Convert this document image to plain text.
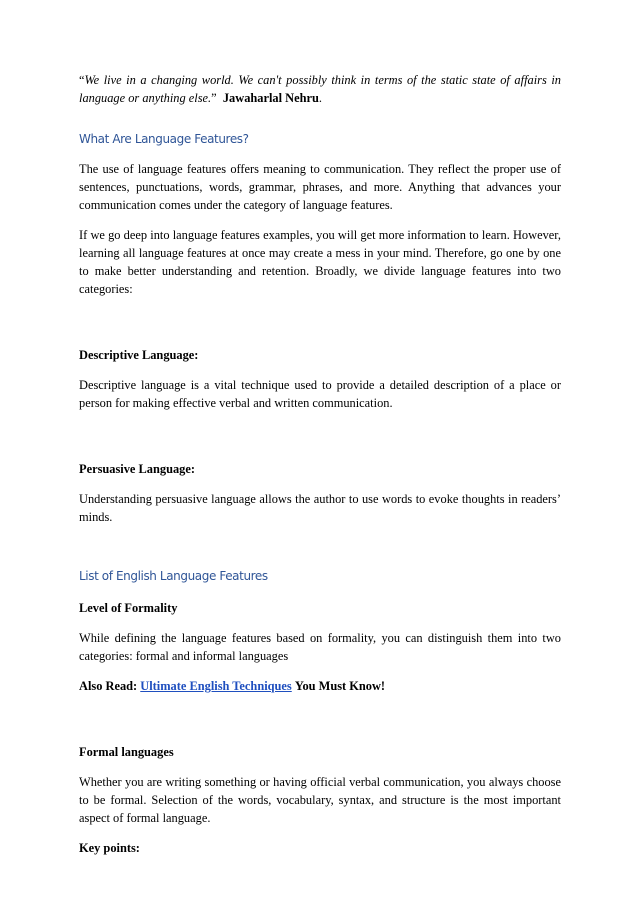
“We live in a changing world. We can't possibly think in terms of the static state of affairs in language or anything else.” Jawaharlal Nehru.

What Are Language Features?

The use of language features offers meaning to communication. They reflect the proper use of sentences, punctuations, words, grammar, phrases, and more. Anything that advances your communication comes under the category of language features.

If we go deep into language features examples, you will get more information to learn. However, learning all language features at once may create a mess in your mind. Therefore, go one by one to make better understanding and retention. Broadly, we divide language features into two categories:

Descriptive Language:

Descriptive language is a vital technique used to provide a detailed description of a place or person for making effective verbal and written communication.

Persuasive Language:

Understanding persuasive language allows the author to use words to evoke thoughts in readers’ minds.

List of English Language Features
Level of Formality

While defining the language features based on formality, you can distinguish them into two categories: formal and informal languages

Also Read: Ultimate English Techniques You Must Know!

Formal languages

Whether you are writing something or having official verbal communication, you always choose to be formal. Selection of the words, vocabulary, syntax, and structure is the most important aspect of formal language.

Key points:
